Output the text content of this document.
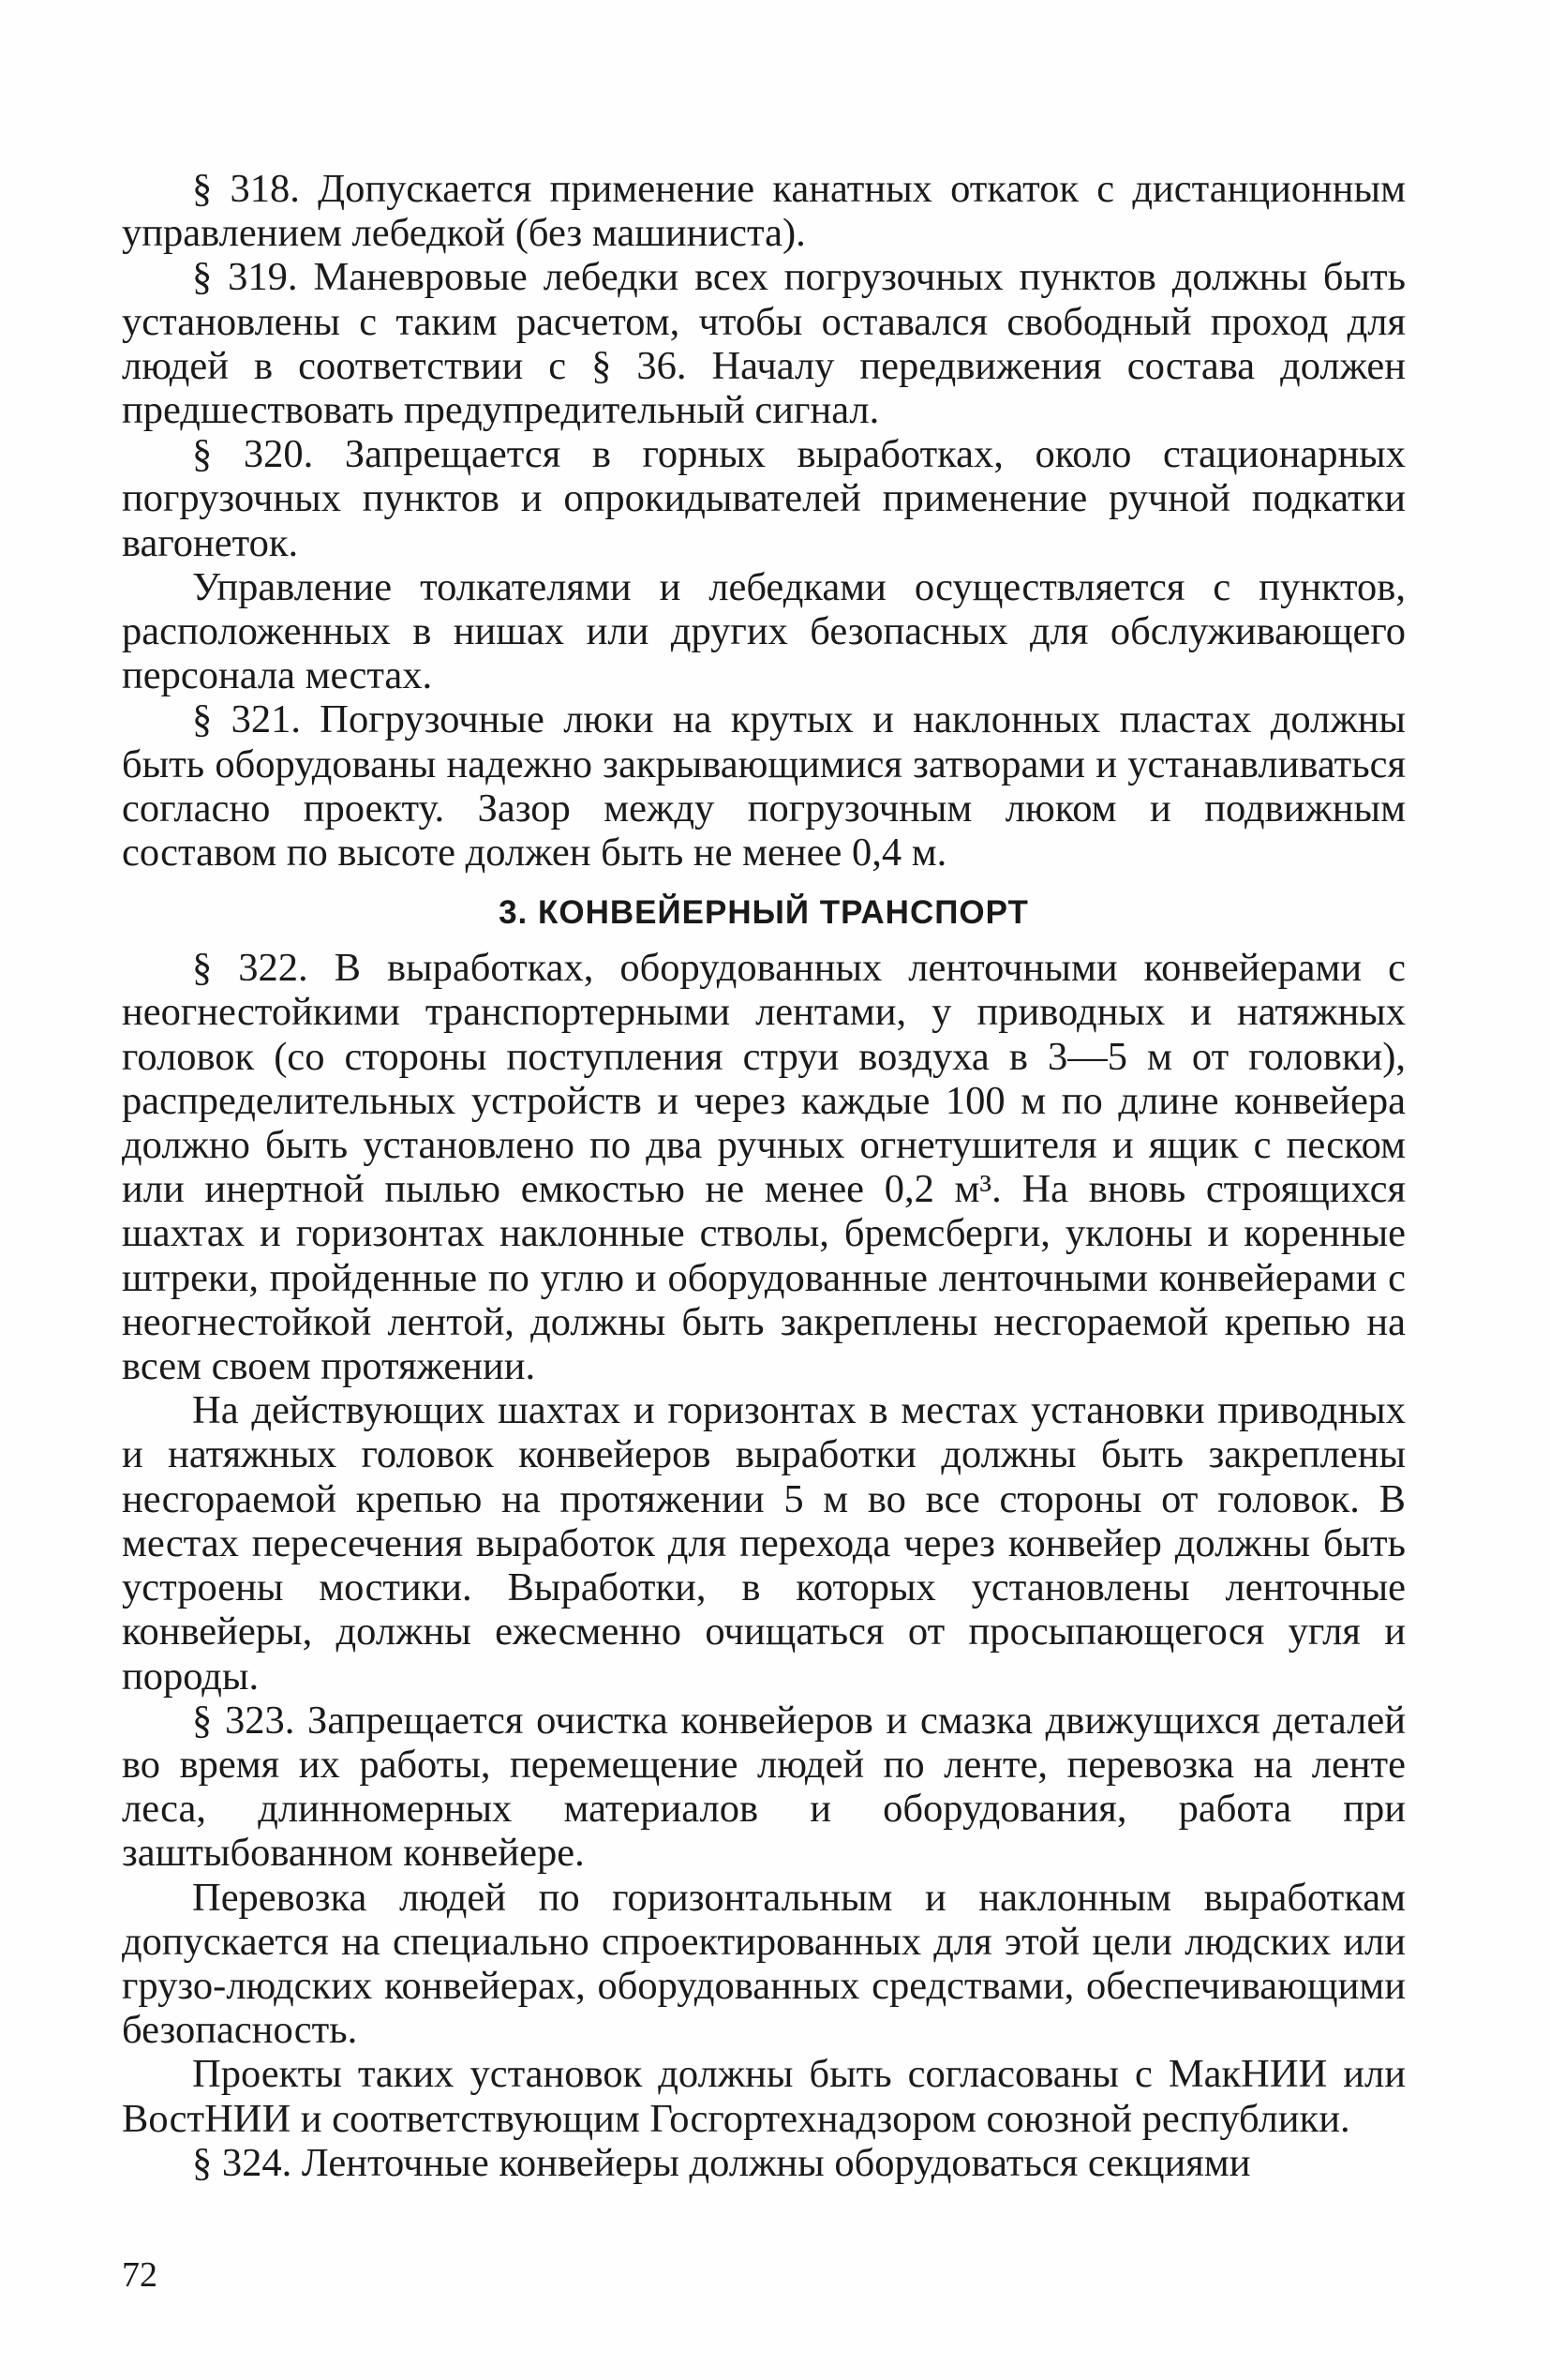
§ 318. Допускается применение канатных откаток с дистанционным управлением лебедкой (без машиниста).

§ 319. Маневровые лебедки всех погрузочных пунктов должны быть установлены с таким расчетом, чтобы оставался свободный проход для людей в соответствии с § 36. Началу передвижения состава должен предшествовать предупредительный сигнал.

§ 320. Запрещается в горных выработках, около стационарных погрузочных пунктов и опрокидывателей применение ручной подкатки вагонеток.

Управление толкателями и лебедками осуществляется с пунктов, расположенных в нишах или других безопасных для обслуживающего персонала местах.

§ 321. Погрузочные люки на крутых и наклонных пластах должны быть оборудованы надежно закрывающимися затворами и устанавливаться согласно проекту. Зазор между погрузочным люком и подвижным составом по высоте должен быть не менее 0,4 м.

3. КОНВЕЙЕРНЫЙ ТРАНСПОРТ

§ 322. В выработках, оборудованных ленточными конвейерами с неогнестойкими транспортерными лентами, у приводных и натяжных головок (со стороны поступления струи воздуха в 3—5 м от головки), распределительных устройств и через каждые 100 м по длине конвейера должно быть установлено по два ручных огнетушителя и ящик с песком или инертной пылью емкостью не менее 0,2 м³. На вновь строящихся шахтах и горизонтах наклонные стволы, бремсберги, уклоны и коренные штреки, пройденные по углю и оборудованные ленточными конвейерами с неогнестойкой лентой, должны быть закреплены несгораемой крепью на всем своем протяжении.

На действующих шахтах и горизонтах в местах установки приводных и натяжных головок конвейеров выработки должны быть закреплены несгораемой крепью на протяжении 5 м во все стороны от головок. В местах пересечения выработок для перехода через конвейер должны быть устроены мостики. Выработки, в которых установлены ленточные конвейеры, должны ежесменно очищаться от просыпающегося угля и породы.

§ 323. Запрещается очистка конвейеров и смазка движущихся деталей во время их работы, перемещение людей по ленте, перевозка на ленте леса, длинномерных материалов и оборудования, работа при заштыбованном конвейере.

Перевозка людей по горизонтальным и наклонным выработкам допускается на специально спроектированных для этой цели людских или грузо-людских конвейерах, оборудованных средствами, обеспечивающими безопасность.

Проекты таких установок должны быть согласованы с МакНИИ или ВостНИИ и соответствующим Госгортехнадзором союзной республики.

§ 324. Ленточные конвейеры должны оборудоваться секциями

72
